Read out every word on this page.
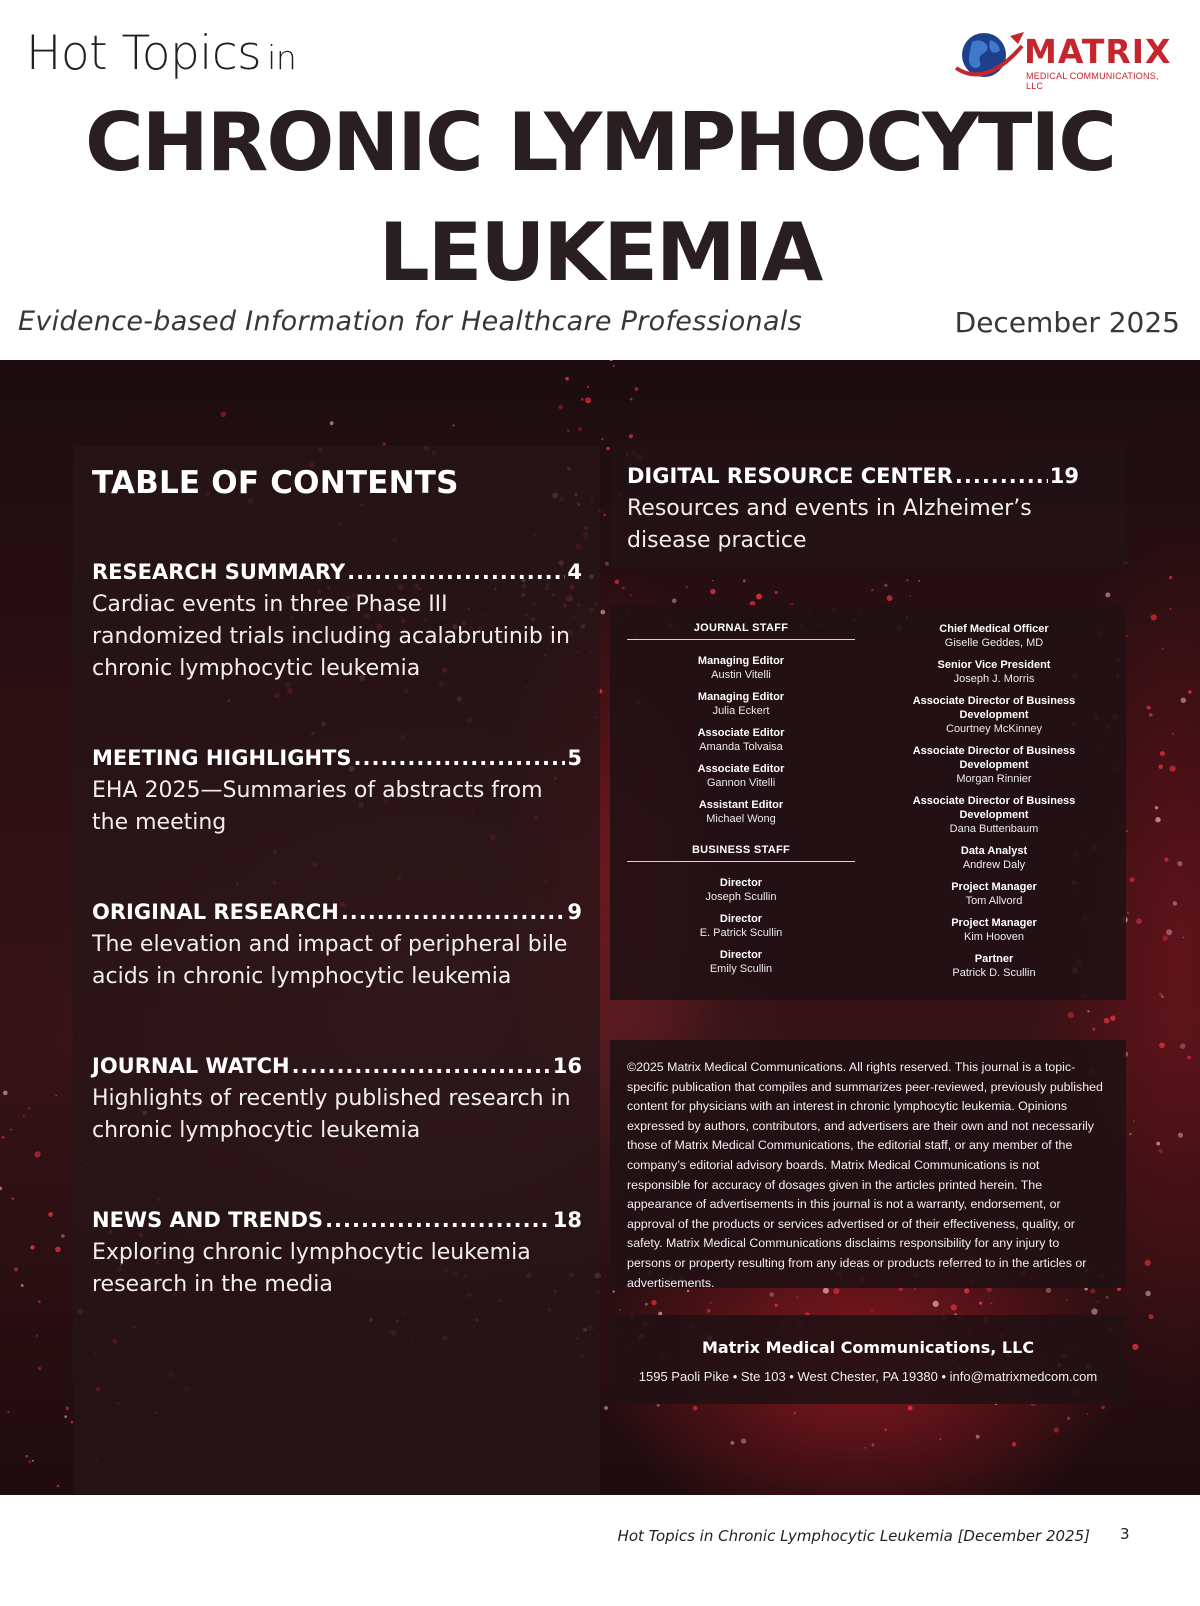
Hot Topics in	MATRIX
MEDICAL COMMUNICATIONS, LLC
CHRONIC LYMPHOCYTIC
LEUKEMIA
Evidence-based Information for Healthcare Professionals	December 2025
TABLE OF CONTENTS
RESEARCH SUMMARY .....	4
Cardiac events in three Phase III randomized trials including acalabrutinib in chronic lymphocytic leukemia
MEETING HIGHLIGHTS .....	5
EHA 2025—Summaries of abstracts from the meeting
ORIGINAL RESEARCH .....	9
The elevation and impact of peripheral bile acids in chronic lymphocytic leukemia
JOURNAL WATCH .....	16
Highlights of recently published research in chronic lymphocytic leukemia
NEWS AND TRENDS .....	18
Exploring chronic lymphocytic leukemia research in the media
DIGITAL RESOURCE CENTER .....	19
Resources and events in Alzheimer’s disease practice
JOURNAL STAFF
Managing Editor
Austin Vitelli
Managing Editor
Julia Eckert
Associate Editor
Amanda Tolvaisa
Associate Editor
Gannon Vitelli
Assistant Editor
Michael Wong
BUSINESS STAFF
Director
Joseph Scullin
Director
E. Patrick Scullin
Director
Emily Scullin
Chief Medical Officer
Giselle Geddes, MD
Senior Vice President
Joseph J. Morris
Associate Director of Business Development
Courtney McKinney
Associate Director of Business Development
Morgan Rinnier
Associate Director of Business Development
Dana Buttenbaum
Data Analyst
Andrew Daly
Project Manager
Tom Allvord
Project Manager
Kim Hooven
Partner
Patrick D. Scullin
©2025 Matrix Medical Communications. All rights reserved. This journal is a topic-specific publication that compiles and summarizes peer-reviewed, previously published content for physicians with an interest in chronic lymphocytic leukemia. Opinions expressed by authors, contributors, and advertisers are their own and not necessarily those of Matrix Medical Communications, the editorial staff, or any member of the company’s editorial advisory boards. Matrix Medical Communications is not responsible for accuracy of dosages given in the articles printed herein. The appearance of advertisements in this journal is not a warranty, endorsement, or approval of the products or services advertised or of their effectiveness, quality, or safety. Matrix Medical Communications disclaims responsibility for any injury to persons or property resulting from any ideas or products referred to in the articles or advertisements.
Matrix Medical Communications, LLC
1595 Paoli Pike • Ste 103 • West Chester, PA 19380 • info@matrixmedcom.com
Hot Topics in Chronic Lymphocytic Leukemia [December 2025] 3
